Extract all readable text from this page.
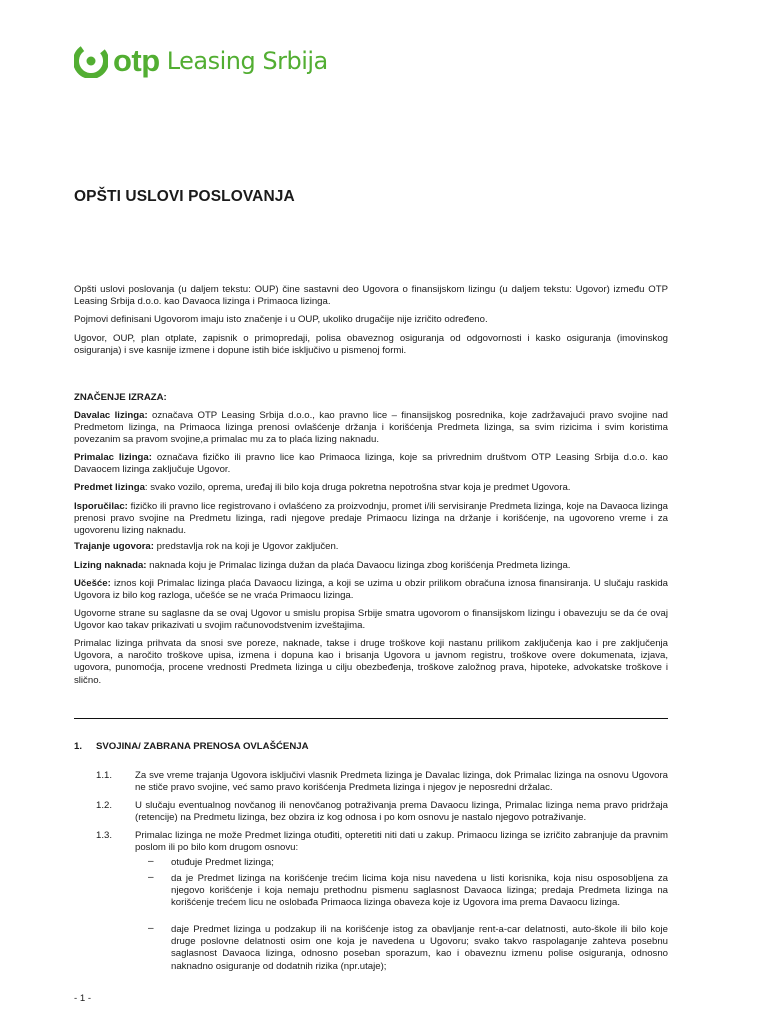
otp Leasing Srbija
OPŠTI USLOVI POSLOVANJA

Opšti uslovi poslovanja (u daljem tekstu: OUP) čine sastavni deo Ugovora o finansijskom lizingu (u daljem tekstu: Ugovor) između OTP Leasing Srbija d.o.o. kao Davaoca lizinga i Primaoca lizinga.

Pojmovi definisani Ugovorom imaju isto značenje i u OUP, ukoliko drugačije nije izričito određeno.

Ugovor, OUP, plan otplate, zapisnik o primopredaji, polisa obaveznog osiguranja od odgovornosti i kasko osiguranja (imovinskog osiguranja) i sve kasnije izmene i dopune istih biće isključivo u pismenoj formi.

ZNAČENJE IZRAZA:

Davalac lizinga: označava OTP Leasing Srbija d.o.o., kao pravno lice – finansijskog posrednika, koje zadržavajući pravo svojine nad Predmetom lizinga, na Primaoca lizinga prenosi ovlašćenje držanja i korišćenja Predmeta lizinga, sa svim rizicima i svim koristima povezanim sa pravom svojine,a primalac mu za to plaća lizing naknadu.

Primalac lizinga: označava fizičko ili pravno lice kao Primaoca lizinga, koje sa privrednim društvom OTP Leasing Srbija d.o.o. kao Davaocem lizinga zaključuje Ugovor.

Predmet lizinga: svako vozilo, oprema, uređaj ili bilo koja druga pokretna nepotrošna stvar koja je predmet Ugovora.

Isporučilac: fizičko ili pravno lice registrovano i ovlašćeno za proizvodnju, promet i/ili servisiranje Predmeta lizinga, koje na Davaoca lizinga prenosi pravo svojine na Predmetu lizinga, radi njegove predaje Primaocu lizinga na držanje i korišćenje, na ugovoreno vreme i za ugovorenu lizing naknadu.

Trajanje ugovora: predstavlja rok na koji je Ugovor zaključen.

Lizing naknada: naknada koju je Primalac lizinga dužan da plaća Davaocu lizinga zbog korišćenja Predmeta lizinga.

Učešće: iznos koji Primalac lizinga plaća Davaocu lizinga, a koji se uzima u obzir prilikom obračuna iznosa finansiranja. U slučaju raskida Ugovora iz bilo kog razloga, učešće se ne vraća Primaocu lizinga.

Ugovorne strane su saglasne da se ovaj Ugovor u smislu propisa Srbije smatra ugovorom o finansijskom lizingu i obavezuju se da će ovaj Ugovor kao takav prikazivati u svojim računovodstvenim izveštajima.

Primalac lizinga prihvata da snosi sve poreze, naknade, takse i druge troškove koji nastanu prilikom zaključenja kao i pre zaključenja Ugovora, a naročito troškove upisa, izmena i dopuna kao i brisanja Ugovora u javnom registru, troškove overe dokumenata, izjava, ugovora, punomoćja, procene vrednosti Predmeta lizinga u cilju obezbeđenja, troškove založnog prava, hipoteke, advokatske troškove i slično.

1. SVOJINA/ ZABRANA PRENOSA OVLAŠĆENJA
1.1. Za sve vreme trajanja Ugovora isključivi vlasnik Predmeta lizinga je Davalac lizinga, dok Primalac lizinga na osnovu Ugovora ne stiče pravo svojine, već samo pravo korišćenja Predmeta lizinga i njegov je neposredni držalac.

1.2. U slučaju eventualnog novčanog ili nenovčanog potraživanja prema Davaocu lizinga, Primalac lizinga nema pravo pridržaja (retencije) na Predmetu lizinga, bez obzira iz kog odnosa i po kom osnovu je nastalo njegovo potraživanje.

1.3. Primalac lizinga ne može Predmet lizinga otuđiti, opteretiti niti dati u zakup. Primaocu lizinga se izričito zabranjuje da pravnim poslom ili po bilo kom drugom osnovu:

– otuđuje Predmet lizinga;

– da je Predmet lizinga na korišćenje trećim licima koja nisu navedena u listi korisnika, koja nisu osposobljena za njegovo korišćenje i koja nemaju prethodnu pismenu saglasnost Davaoca lizinga; predaja Predmeta lizinga na korišćenje trećem licu ne oslobađa Primaoca lizinga obaveza koje iz Ugovora ima prema Davaocu lizinga.

– daje Predmet lizinga u podzakup ili na korišćenje istog za obavljanje rent-a-car delatnosti, auto-škole ili bilo koje druge poslovne delatnosti osim one koja je navedena u Ugovoru; svako takvo raspolaganje zahteva posebnu saglasnost Davaoca lizinga, odnosno poseban sporazum, kao i obaveznu izmenu polise osiguranja, odnosno naknadno osiguranje od dodatnih rizika (npr.utaje);

- 1 -
